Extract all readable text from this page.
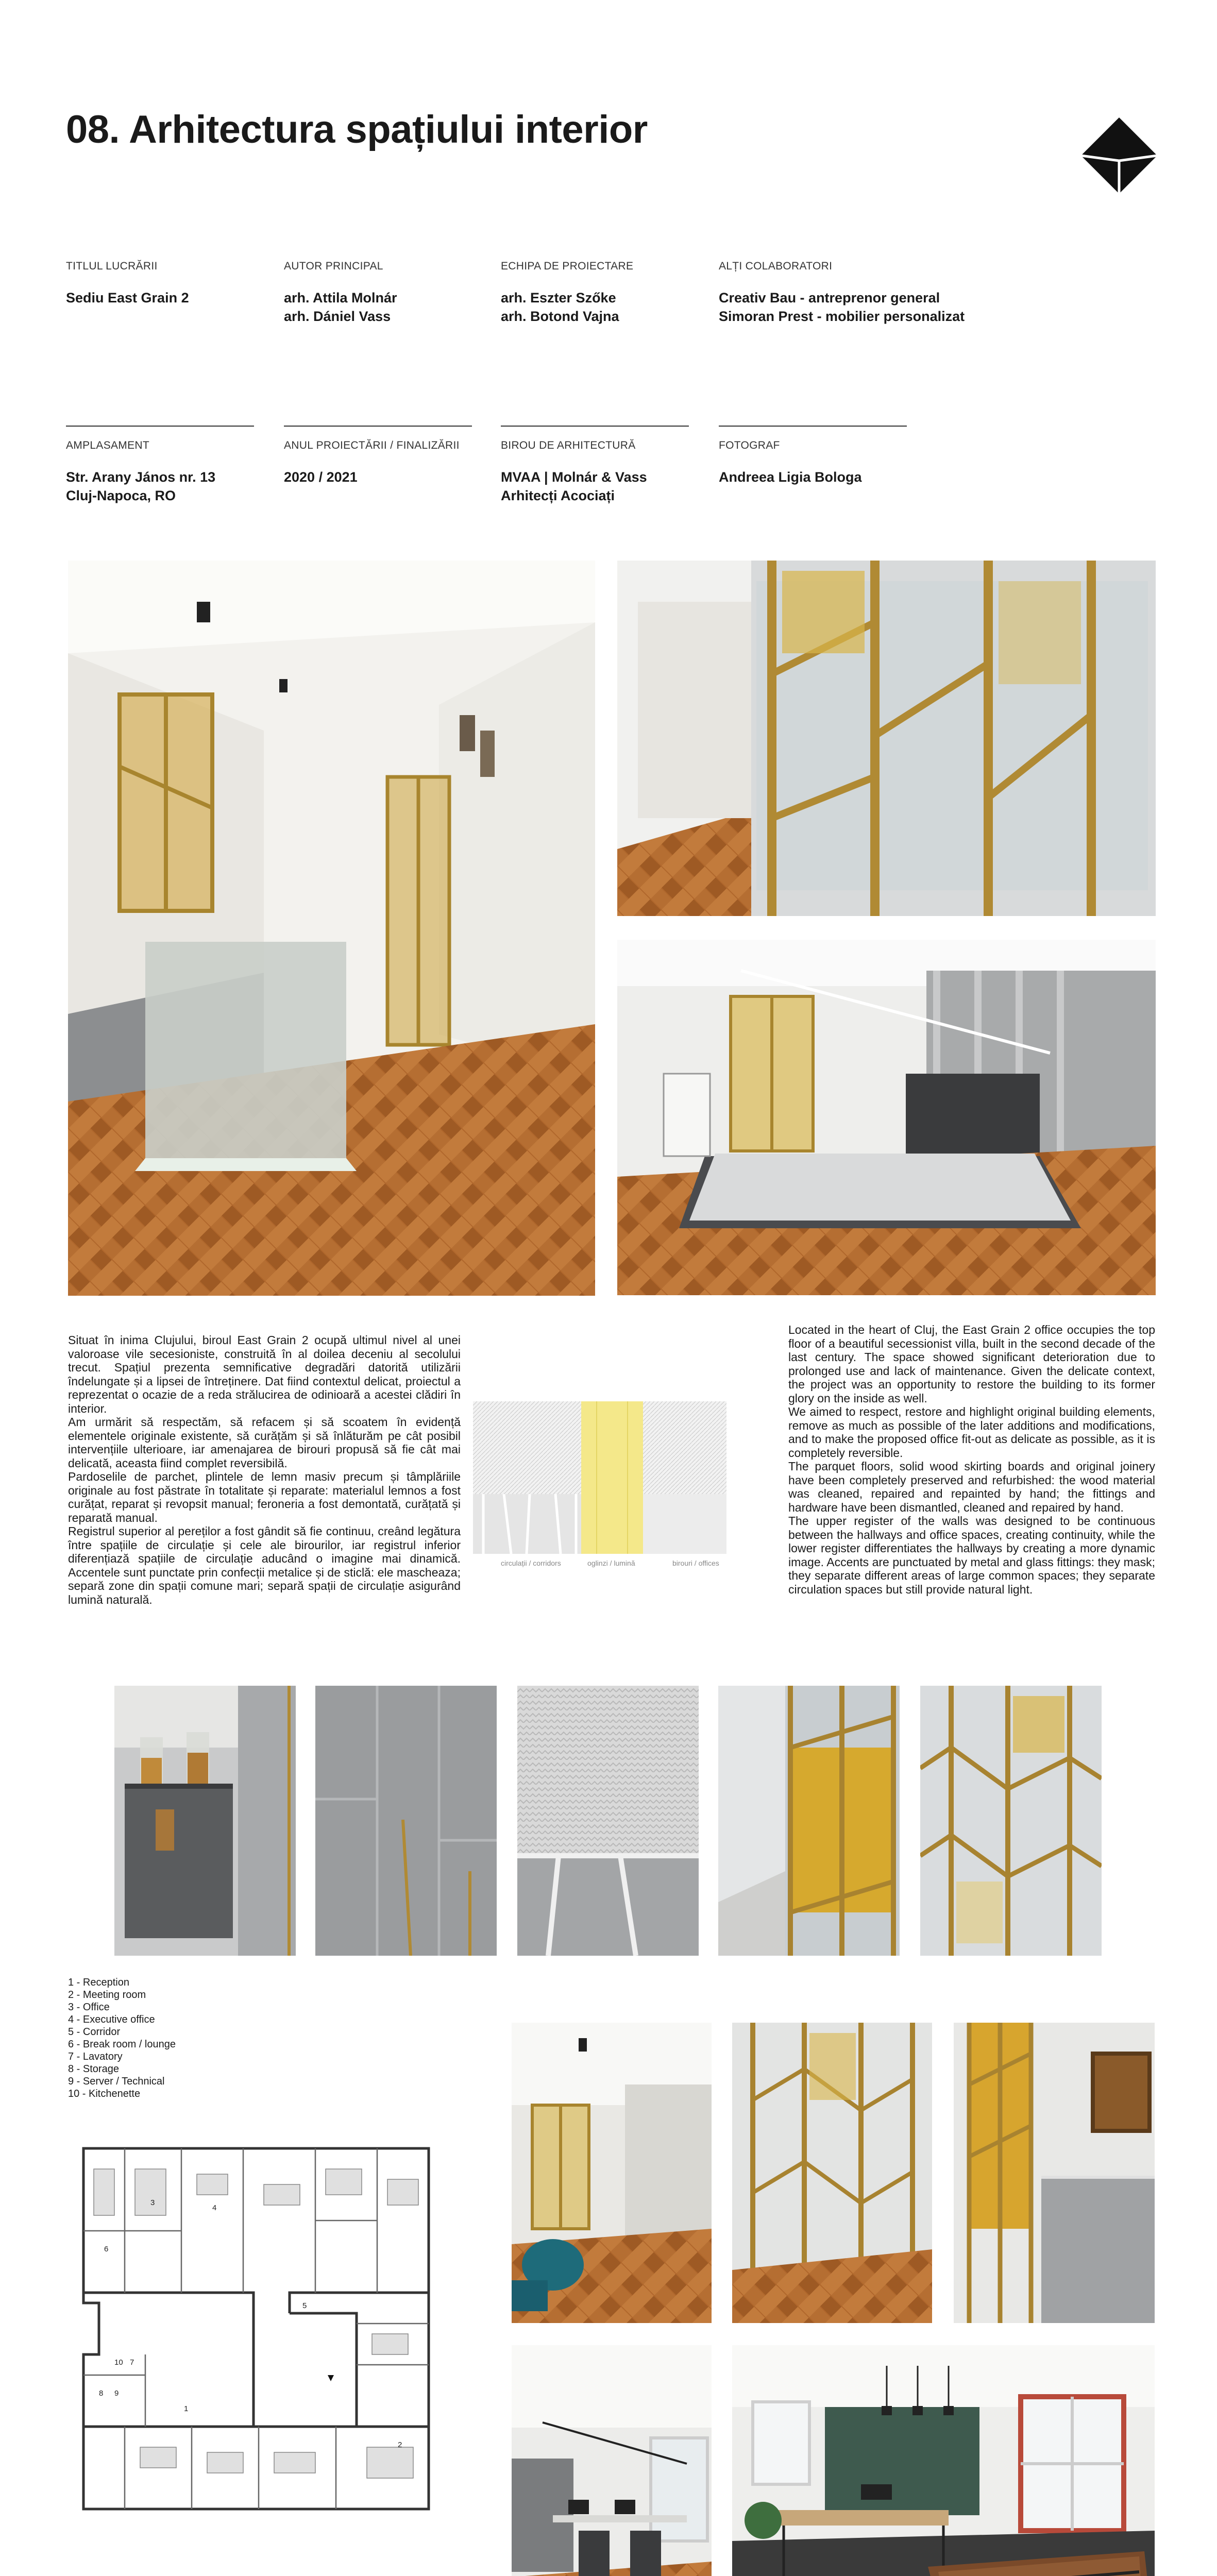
08. Arhitectura spațiului interior
TITLUL LUCRĂRII
Sediu East Grain 2
AUTOR PRINCIPAL
arh. Attila Molnár
arh. Dániel Vass
ECHIPA DE PROIECTARE
arh. Eszter Szőke
arh. Botond Vajna
ALȚI COLABORATORI
Creativ Bau - antreprenor general
Simoran Prest - mobilier personalizat
AMPLASAMENT
Str. Arany János nr. 13
Cluj-Napoca, RO
ANUL PROIECTĂRII / FINALIZĂRII
2020 / 2021
BIROU DE ARHITECTURĂ
MVAA | Molnár & Vass
Arhitecți Acociați
FOTOGRAF
Andreea Ligia Bologa

Situat în inima Clujului, biroul East Grain 2 ocupă ultimul nivel al unei valoroase vile secesioniste, construită în al doilea deceniu al secolului trecut. Spațiul prezenta semnificative degradări datorită utilizării îndelungate și a lipsei de întreținere. Dat fiind contextul delicat, proiectul a reprezentat o ocazie de a reda strălucirea de odinioară a acestei clădiri în interior.

Am urmărit să respectăm, să refacem și să scoatem în evidență elementele originale existente, să curățăm și să înlăturăm pe cât posibil intervențiile ulterioare, iar amenajarea de birouri propusă să fie cât mai delicată, aceasta fiind complet reversibilă.

Pardoselile de parchet, plintele de lemn masiv precum și tâmplăriile originale au fost păstrate în totalitate și reparate: materialul lemnos a fost curățat, reparat și revopsit manual; feroneria a fost demontată, curățată și reparată manual.

Registrul superior al pereților a fost gândit să fie continuu, creând legătura între spațiile de circulație și cele ale birourilor, iar registrul inferior diferențiază spațiile de circulație aducând o imagine mai dinamică. Accentele sunt punctate prin confecții metalice și de sticlă: ele mascheaza; separă zone din spații comune mari; separă spații de circulație asigurând lumină naturală.

circulații / corridors	oglinzi / lumină	birouri / offices

Located in the heart of Cluj, the East Grain 2 office occupies the top floor of a beautiful secessionist villa, built in the second decade of the last century. The space showed significant deterioration due to prolonged use and lack of maintenance. Given the delicate context, the project was an opportunity to restore the building to its former glory on the inside as well.

We aimed to respect, restore and highlight original building elements, remove as much as possible of the later additions and modifications, and to make the proposed office fit-out as delicate as possible, as it is completely reversible.

The parquet floors, solid wood skirting boards and original joinery have been completely preserved and refurbished: the wood material was cleaned, repaired and repainted by hand; the fittings and hardware have been dismantled, cleaned and repaired by hand.

The upper register of the walls was designed to be continuous between the hallways and office spaces, creating continuity, while the lower register differentiates the hallways by creating a more dynamic image. Accents are punctuated by metal and glass fittings: they mask; they separate different areas of large common spaces; they separate circulation spaces but still provide natural light.

1 - Reception
2 - Meeting room
3 - Office
4 - Executive office
5 - Corridor
6 - Break room / lounge
7 - Lavatory
8 - Storage
9 - Server / Technical
10 - Kitchenette
1
2
3
4
5
6
7
8 9
10
